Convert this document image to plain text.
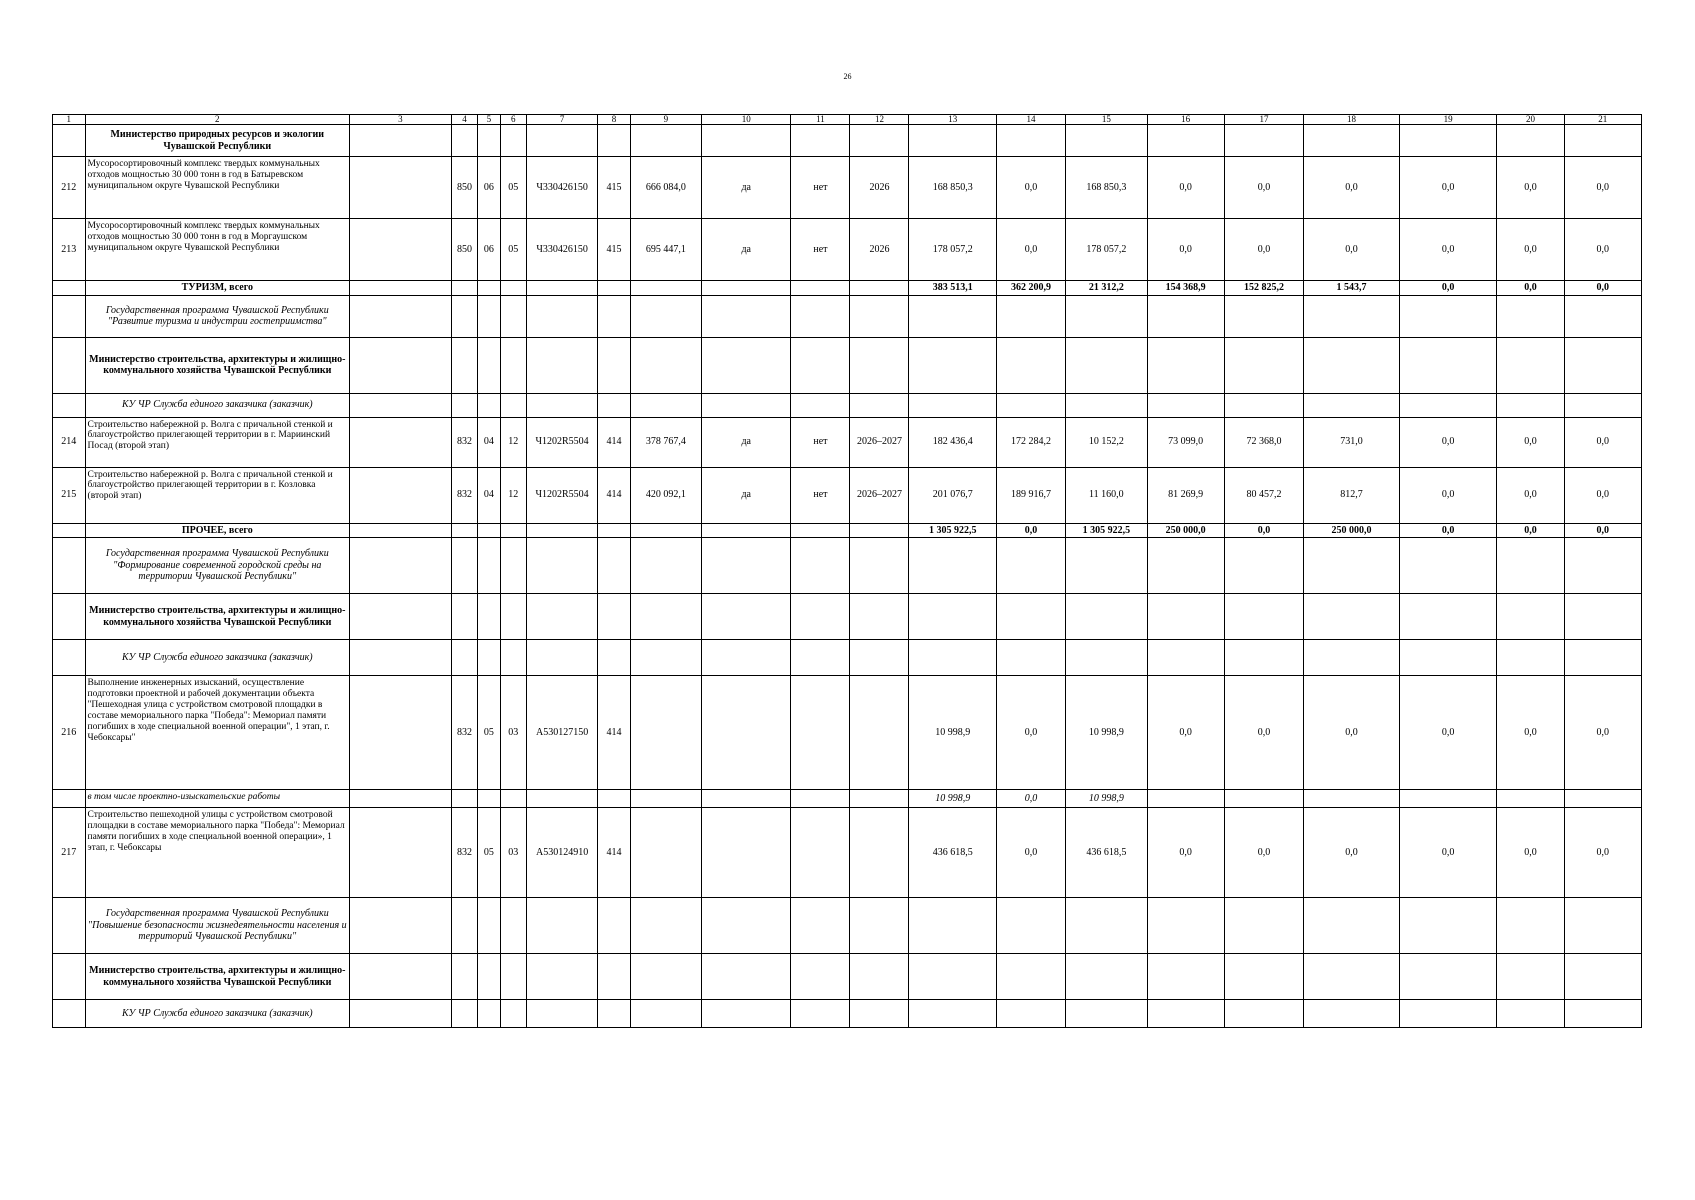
26
1	2	3	4	5	6	7	8	9	10	11	12	13	14	15	16	17	18	19	20	21
	Министерство природных ресурсов и экологии Чувашской Республики																			
212	Мусоросортировочный комплекс твердых коммунальных отходов мощностью 30 000 тонн в год в Батыревском муниципальном округе Чувашской Республики		850	06	05	Ч330426150	415	666 084,0	да	нет	2026	168 850,3	0,0	168 850,3	0,0	0,0	0,0	0,0	0,0	0,0
213	Мусоросортировочный комплекс твердых коммунальных отходов мощностью 30 000 тонн в год в Моргаушском муниципальном округе Чувашской Республики		850	06	05	Ч330426150	415	695 447,1	да	нет	2026	178 057,2	0,0	178 057,2	0,0	0,0	0,0	0,0	0,0	0,0
	ТУРИЗМ, всего											383 513,1	362 200,9	21 312,2	154 368,9	152 825,2	1 543,7	0,0	0,0	0,0
	Государственная программа Чувашской Республики "Развитие туризма и индустрии гостеприимства"																			
	Министерство строительства, архитектуры и жилищно-коммунального хозяйства Чувашской Республики																			
	КУ ЧР Служба единого заказчика (заказчик)																			
214	Строительство набережной р. Волга с причальной стенкой и благоустройство прилегающей территории в г. Мариинский Посад (второй этап)		832	04	12	Ч1202R5504	414	378 767,4	да	нет	2026–2027	182 436,4	172 284,2	10 152,2	73 099,0	72 368,0	731,0	0,0	0,0	0,0
215	Строительство набережной р. Волга с причальной стенкой и благоустройство прилегающей территории в г. Козловка (второй этап)		832	04	12	Ч1202R5504	414	420 092,1	да	нет	2026–2027	201 076,7	189 916,7	11 160,0	81 269,9	80 457,2	812,7	0,0	0,0	0,0
	ПРОЧЕЕ, всего											1 305 922,5	0,0	1 305 922,5	250 000,0	0,0	250 000,0	0,0	0,0	0,0
	Государственная программа Чувашской Республики "Формирование современной городской среды на территории Чувашской Республики"																			
	Министерство строительства, архитектуры и жилищно-коммунального хозяйства Чувашской Республики																			
	КУ ЧР Служба единого заказчика (заказчик)																			
216	Выполнение инженерных изысканий, осуществление подготовки проектной и рабочей документации объекта "Пешеходная улица с устройством смотровой площадки в составе мемориального парка "Победа": Мемориал памяти погибших в ходе специальной военной операции", 1 этап, г. Чебоксары"		832	05	03	А530127150	414					10 998,9	0,0	10 998,9	0,0	0,0	0,0	0,0	0,0	0,0
	в том числе проектно-изыскательские работы											10 998,9	0,0	10 998,9						
217	Строительство пешеходной улицы с устройством смотровой площадки в составе мемориального парка "Победа": Мемориал памяти погибших в ходе специальной военной операции», 1 этап, г. Чебоксары		832	05	03	А530124910	414					436 618,5	0,0	436 618,5	0,0	0,0	0,0	0,0	0,0	0,0
	Государственная программа Чувашской Республики "Повышение безопасности жизнедеятельности населения и территорий Чувашской Республики"																			
	Министерство строительства, архитектуры и жилищно-коммунального хозяйства Чувашской Республики																			
	КУ ЧР Служба единого заказчика (заказчик)																			
